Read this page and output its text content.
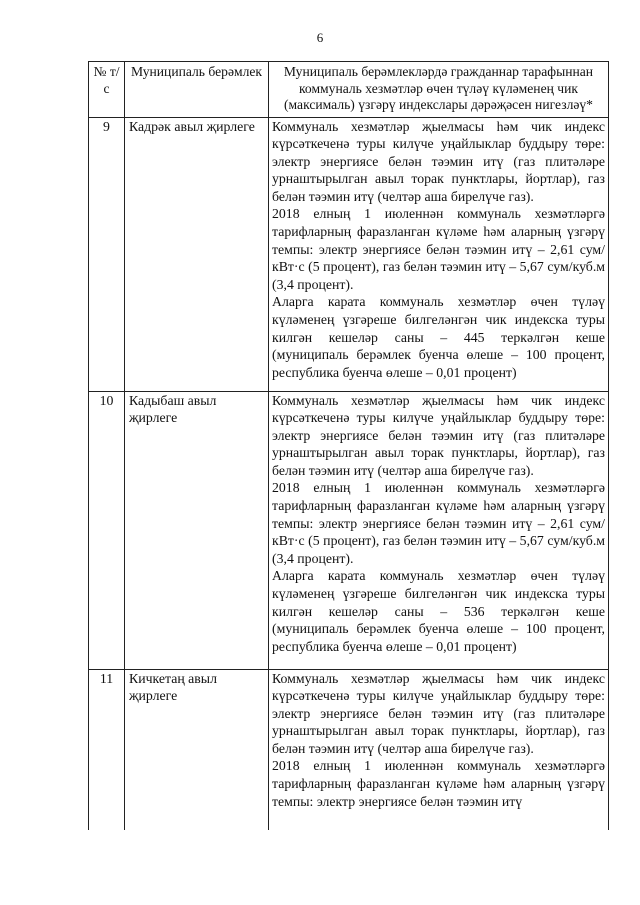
6
№ т/с	Муниципаль берәмлек	Муниципаль берәмлекләрдә гражданнар тарафыннан коммуналь хезмәтләр өчен түләү күләменең чик (максималь) үзгәрү индекслары дәрәҗәсен нигезләү*
9	Кадрәк авыл җирлеге	Коммуналь хезмәтләр җыелмасы һәм чик индекс күрсәткеченә туры килүче уңайлыклар буддыру төре: электр энергиясе белән тәэмин итү (газ плитәләре урнаштырылган авыл торак пунктлары, йортлар), газ белән тәэмин итү (челтәр аша бирелүче газ).

2018 елның 1 июленнән коммуналь хезмәтләргә тарифларның фаразланган күләме һәм аларның үзгәрү темпы: электр энергиясе белән тәэмин итү – 2,61 сум/кВт·с (5 процент), газ белән тәэмин итү – 5,67 сум/куб.м (3,4 процент).

Аларга карата коммуналь хезмәтләр өчен түләү күләменең үзгәреше билгеләнгән чик индекска туры килгән кешеләр саны – 445 теркәлгән кеше (муниципаль берәмлек буенча өлеше – 100 процент, республика буенча өлеше – 0,01 процент)

10	Кадыбаш авыл җирлеге	Коммуналь хезмәтләр җыелмасы һәм чик индекс күрсәткеченә туры килүче уңайлыклар буддыру төре: электр энергиясе белән тәэмин итү (газ плитәләре урнаштырылган авыл торак пунктлары, йортлар), газ белән тәэмин итү (челтәр аша бирелүче газ).

2018 елның 1 июленнән коммуналь хезмәтләргә тарифларның фаразланган күләме һәм аларның үзгәрү темпы: электр энергиясе белән тәэмин итү – 2,61 сум/кВт·с (5 процент), газ белән тәэмин итү – 5,67 сум/куб.м (3,4 процент).

Аларга карата коммуналь хезмәтләр өчен түләү күләменең үзгәреше билгеләнгән чик индекска туры килгән кешеләр саны – 536 теркәлгән кеше (муниципаль берәмлек буенча өлеше – 100 процент, республика буенча өлеше – 0,01 процент)

11	Кичкетаң авыл җирлеге	Коммуналь хезмәтләр җыелмасы һәм чик индекс күрсәткеченә туры килүче уңайлыклар буддыру төре: электр энергиясе белән тәэмин итү (газ плитәләре урнаштырылган авыл торак пунктлары, йортлар), газ белән тәэмин итү (челтәр аша бирелүче газ).

2018 елның 1 июленнән коммуналь хезмәтләргә тарифларның фаразланган күләме һәм аларның үзгәрү темпы: электр энергиясе белән тәэмин итү
